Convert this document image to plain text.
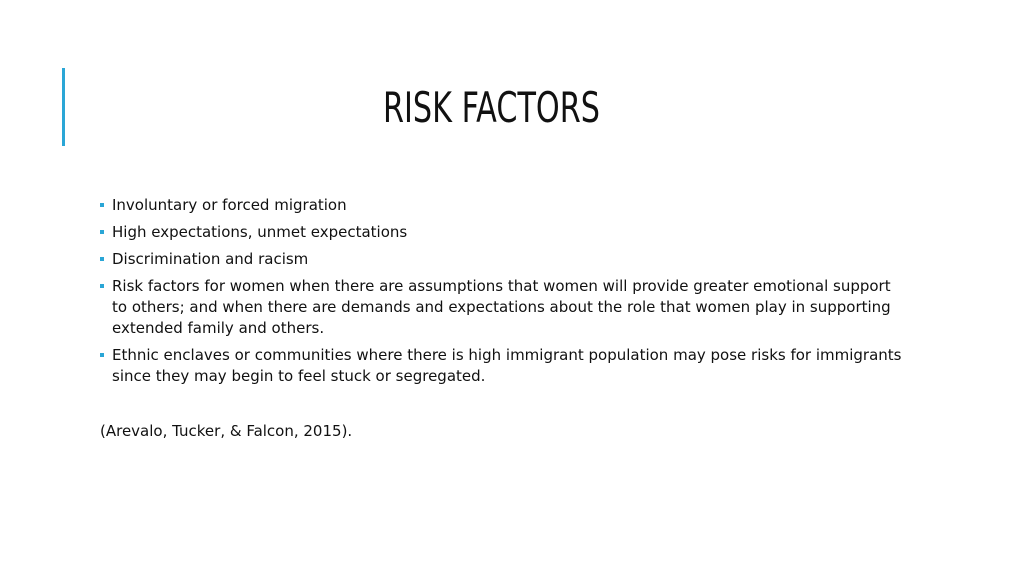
RISK FACTORS
Involuntary or forced migration
High expectations, unmet expectations
Discrimination and racism
Risk factors for women when there are assumptions that women will provide greater emotional support to others; and when there are demands and expectations about the role that women play in supporting extended family and others.
Ethnic enclaves or communities where there is high immigrant population may pose risks for immigrants since they may begin to feel stuck or segregated.

(Arevalo, Tucker, & Falcon, 2015).
